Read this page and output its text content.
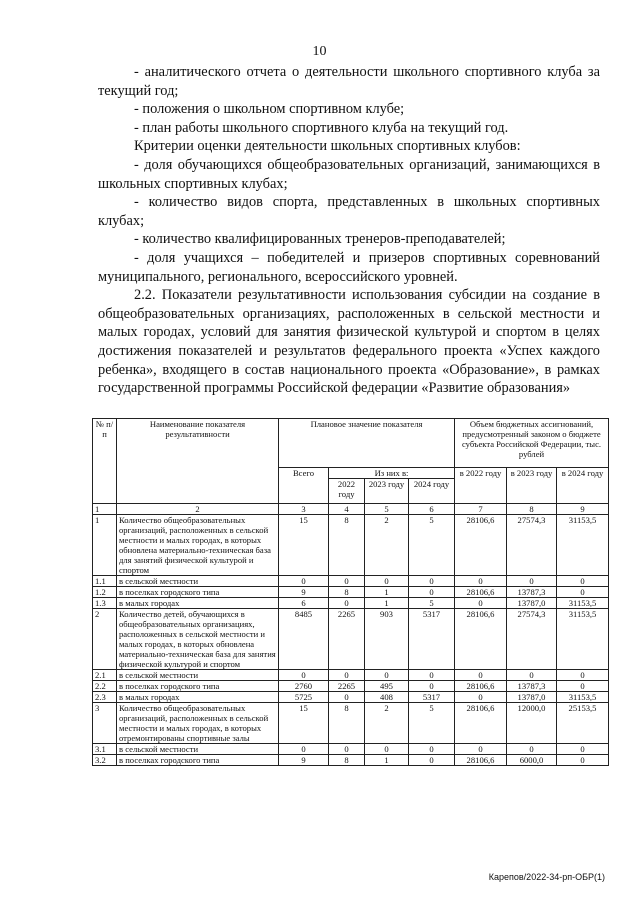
10

- аналитического отчета о деятельности школьного спортивного клуба за текущий год;

- положения о школьном спортивном клубе;

- план работы школьного спортивного клуба на текущий год.

Критерии оценки деятельности школьных спортивных клубов:

- доля обучающихся общеобразовательных организаций, занимающихся в школьных спортивных клубах;

- количество видов спорта, представленных в школьных спортивных клубах;

- количество квалифицированных тренеров-преподавателей;

- доля учащихся – победителей и призеров спортивных соревнований муниципального, регионального, всероссийского уровней.

2.2. Показатели результативности использования субсидии на создание в общеобразовательных организациях, расположенных в сельской местности и малых городах, условий для занятия физической культурой и спортом в целях достижения показателей и результатов федерального проекта «Успех каждого ребенка», входящего в состав национального проекта «Образование», в рамках государственной программы Российской федерации «Развитие образования»

№ п/п	Наименование показателя результативности	Плановое значение показателя				Объем бюджетных ассигнований, предусмотренный законом о бюджете субъекта Российской Федерации, тыс. рублей		
		Всего	Из них в:			в 2022 году	в 2023 году	в 2024 году
			2022 году	2023 году	2024 году			
1	2	3	4	5	6	7	8	9
1	Количество общеобразовательных организаций, расположенных в сельской местности и малых городах, в которых обновлена материально-техническая база для занятий физической культурой и спортом	15	8	2	5	28106,6	27574,3	31153,5
1.1	в сельской местности	0	0	0	0	0	0	0
1.2	в поселках городского типа	9	8	1	0	28106,6	13787,3	0
1.3	в малых городах	6	0	1	5	0	13787,0	31153,5
2	Количество детей, обучающихся в общеобразовательных организациях, расположенных в сельской местности и малых городах, в которых обновлена материально-техническая база для занятия физической культурой и спортом	8485	2265	903	5317	28106,6	27574,3	31153,5
2.1	в сельской местности	0	0	0	0	0	0	0
2.2	в поселках городского типа	2760	2265	495	0	28106,6	13787,3	0
2.3	в малых городах	5725	0	408	5317	0	13787,0	31153,5
3	Количество общеобразовательных организаций, расположенных в сельской местности и малых городах, в которых отремонтированы спортивные залы	15	8	2	5	28106,6	12000,0	25153,5
3.1	в сельской местности	0	0	0	0	0	0	0
3.2	в поселках городского типа	9	8	1	0	28106,6	6000,0	0
Карепов/2022-34-рп-ОБР(1)
